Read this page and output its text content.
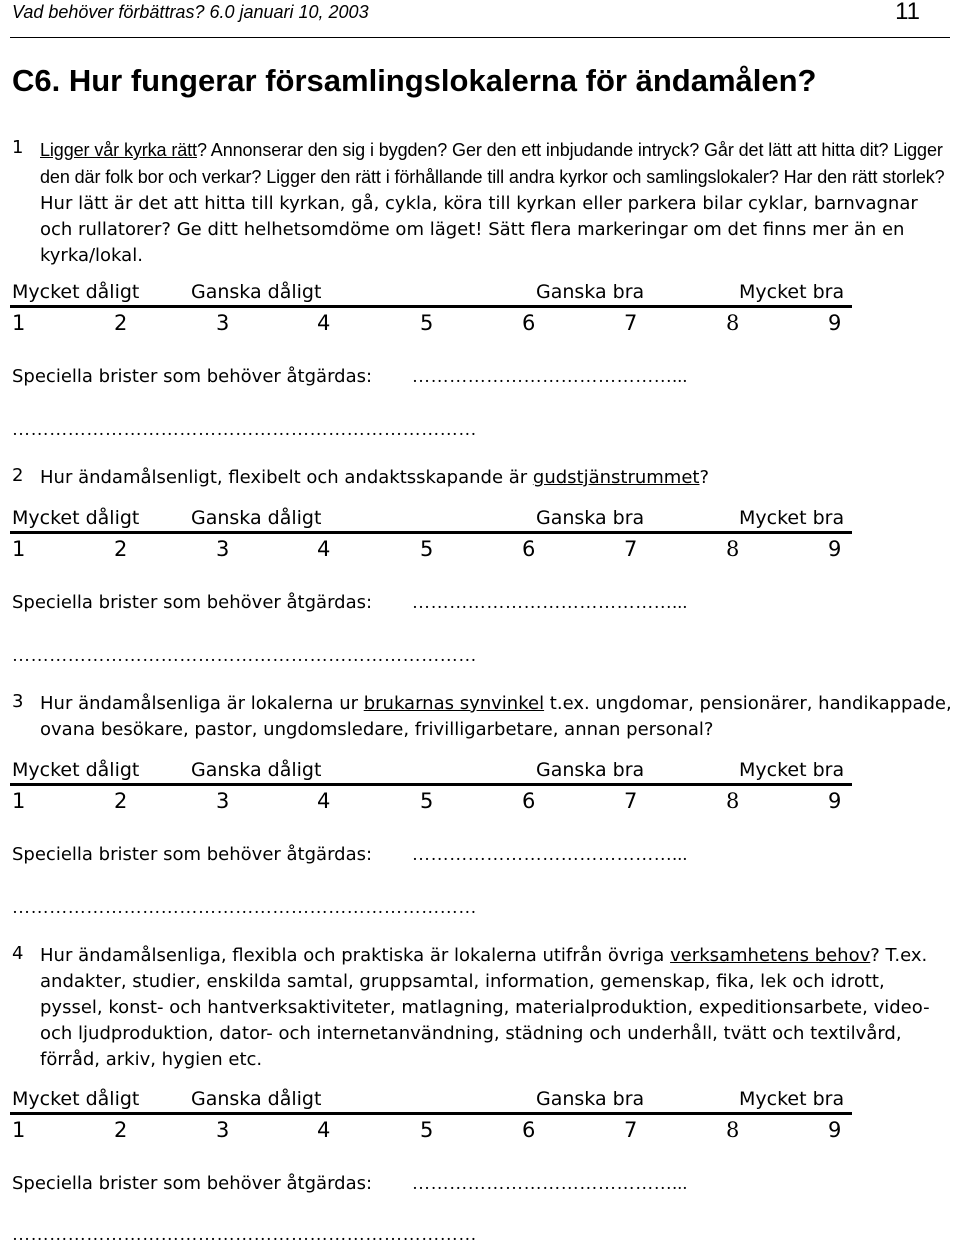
Vad behöver förbättras? 6.0 januari 10, 2003	11
C6. Hur fungerar församlingslokalerna för ändamålen?
1 Ligger vår kyrka rätt? Annonserar den sig i bygden? Ger den ett inbjudande intryck? Går det lätt att hitta dit? Ligger den där folk bor och verkar? Ligger den rätt i förhållande till andra kyrkor och samlingslokaler? Har den rätt storlek? Hur lätt är det att hitta till kyrkan, gå, cykla, köra till kyrkan eller parkera bilar cyklar, barnvagnar och rullatorer? Ge ditt helhetsomdöme om läget! Sätt flera markeringar om det finns mer än en kyrka/lokal.
Mycket dåligt	Ganska dåligt	Ganska bra	Mycket bra
1	2	3	4	5	6	7	8	9
Speciella brister som behöver åtgärdas: ……………………………………...
…………………………………………………………………
2 Hur ändamålsenligt, flexibelt och andaktsskapande är gudstjänstrummet?
Mycket dåligt	Ganska dåligt	Ganska bra	Mycket bra
1	2	3	4	5	6	7	8	9
Speciella brister som behöver åtgärdas: ……………………………………...
…………………………………………………………………
3 Hur ändamålsenliga är lokalerna ur brukarnas synvinkel t.ex. ungdomar, pensionärer, handikappade, ovana besökare, pastor, ungdomsledare, frivilligarbetare, annan personal?
Mycket dåligt	Ganska dåligt	Ganska bra	Mycket bra
1	2	3	4	5	6	7	8	9
Speciella brister som behöver åtgärdas: ……………………………………...
…………………………………………………………………
4 Hur ändamålsenliga, flexibla och praktiska är lokalerna utifrån övriga verksamhetens behov? T.ex. andakter, studier, enskilda samtal, gruppsamtal, information, gemenskap, fika, lek och idrott, pyssel, konst- och hantverksaktiviteter, matlagning, materialproduktion, expeditionsarbete, video- och ljudproduktion, dator- och internetanvändning, städning och underhåll, tvätt och textilvård, förråd, arkiv, hygien etc.
Mycket dåligt	Ganska dåligt	Ganska bra	Mycket bra
1	2	3	4	5	6	7	8	9
Speciella brister som behöver åtgärdas: ……………………………………...
…………………………………………………………………
